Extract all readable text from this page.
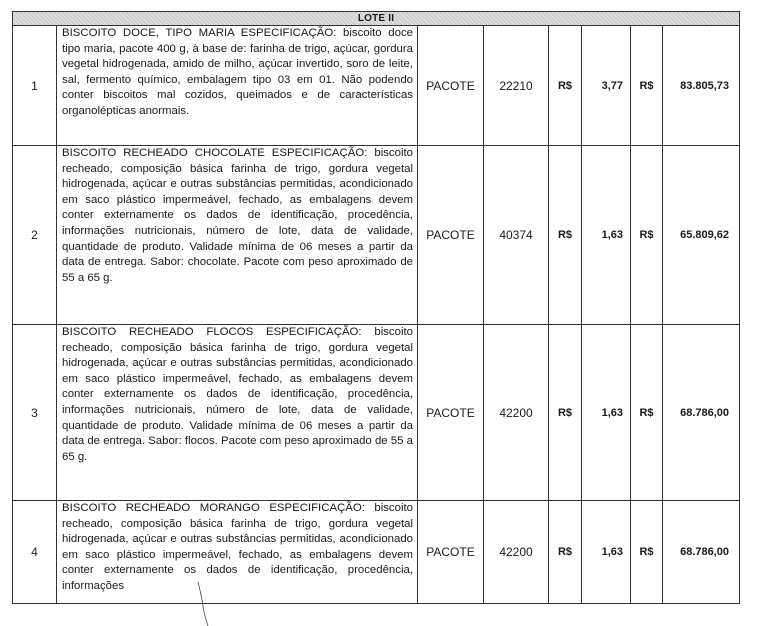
LOTE II							
1	BISCOITO DOCE, TIPO MARIA ESPECIFICAÇÃO: biscoito doce tipo maria, pacote 400 g, à base de: farinha de trigo, açúcar, gordura vegetal hidrogenada, amido de milho, açúcar invertido, soro de leite, sal, fermento químico, embalagem tipo 03 em 01. Não podendo conter biscoitos mal cozidos, queimados e de características organolépticas anormais.	PACOTE	22210	R$	3,77	R$	83.805,73
2	BISCOITO RECHEADO CHOCOLATE ESPECIFICAÇÃO: biscoito recheado, composição básica farinha de trigo, gordura vegetal hidrogenada, açúcar e outras substâncias permitidas, acondicionado em saco plástico impermeável, fechado, as embalagens devem conter externamente os dados de identificação, procedência, informações nutricionais, número de lote, data de validade, quantidade de produto. Validade mínima de 06 meses a partir da data de entrega. Sabor: chocolate. Pacote com peso aproximado de 55 a 65 g.	PACOTE	40374	R$	1,63	R$	65.809,62
3	BISCOITO RECHEADO FLOCOS ESPECIFICAÇÃO: biscoito recheado, composição básica farinha de trigo, gordura vegetal hidrogenada, açúcar e outras substâncias permitidas, acondicionado em saco plástico impermeável, fechado, as embalagens devem conter externamente os dados de identificação, procedência, informações nutricionais, número de lote, data de validade, quantidade de produto. Validade mínima de 06 meses a partir da data de entrega. Sabor: flocos. Pacote com peso aproximado de 55 a 65 g.	PACOTE	42200	R$	1,63	R$	68.786,00
4	BISCOITO RECHEADO MORANGO ESPECIFICAÇÃO: biscoito recheado, composição básica farinha de trigo, gordura vegetal hidrogenada, açúcar e outras substâncias permitidas, acondicionado em saco plástico impermeável, fechado, as embalagens devem conter externamente os dados de identificação, procedência, informações	PACOTE	42200	R$	1,63	R$	68.786,00
